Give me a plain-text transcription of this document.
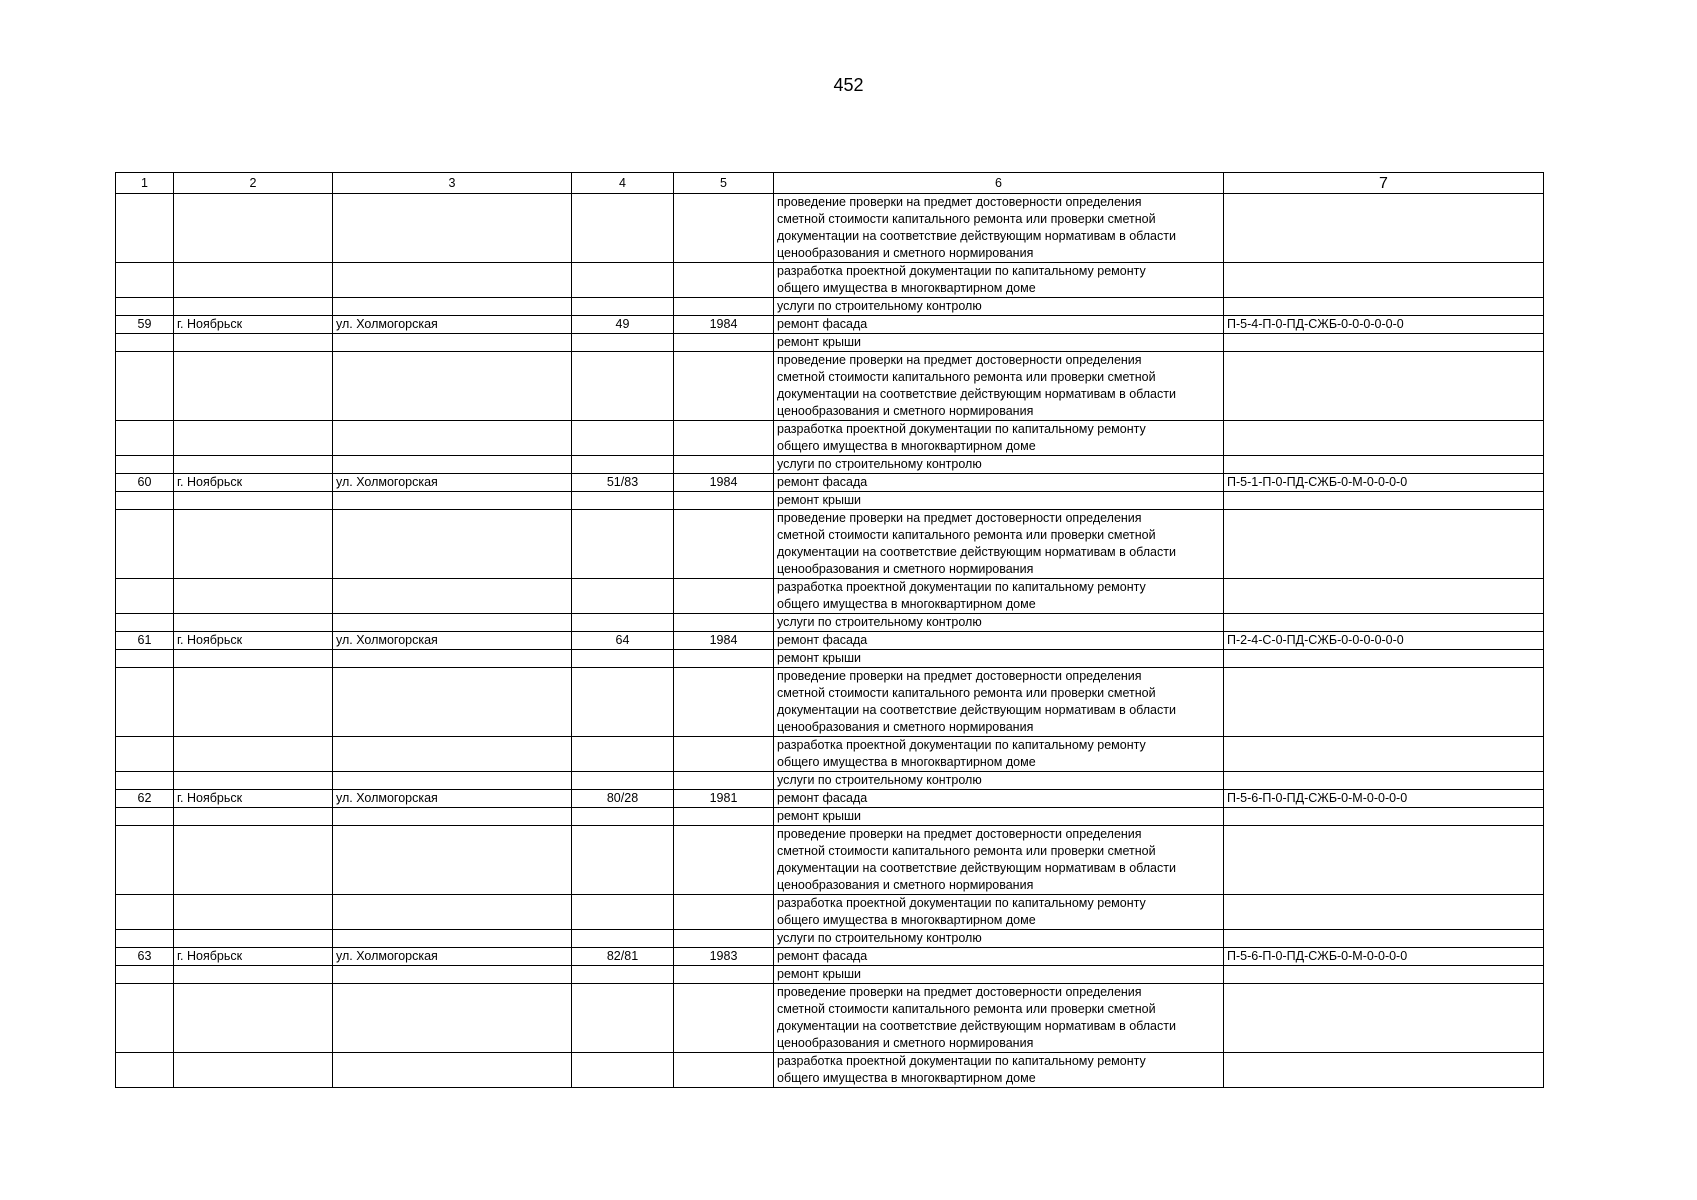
452
1	2	3	4	5	6	7
					проведение проверки на предмет достоверности определения
сметной стоимости капитального ремонта или проверки сметной
документации на соответствие действующим нормативам в области
ценообразования и сметного нормирования	
					разработка проектной документации по капитальному ремонту
общего имущества в многоквартирном доме	
					услуги по строительному контролю	
59	г. Ноябрьск	ул. Холмогорская	49	1984	ремонт фасада	П-5-4-П-0-ПД-СЖБ-0-0-0-0-0-0
					ремонт крыши	
					проведение проверки на предмет достоверности определения
сметной стоимости капитального ремонта или проверки сметной
документации на соответствие действующим нормативам в области
ценообразования и сметного нормирования	
					разработка проектной документации по капитальному ремонту
общего имущества в многоквартирном доме	
					услуги по строительному контролю	
60	г. Ноябрьск	ул. Холмогорская	51/83	1984	ремонт фасада	П-5-1-П-0-ПД-СЖБ-0-М-0-0-0-0
					ремонт крыши	
					проведение проверки на предмет достоверности определения
сметной стоимости капитального ремонта или проверки сметной
документации на соответствие действующим нормативам в области
ценообразования и сметного нормирования	
					разработка проектной документации по капитальному ремонту
общего имущества в многоквартирном доме	
					услуги по строительному контролю	
61	г. Ноябрьск	ул. Холмогорская	64	1984	ремонт фасада	П-2-4-С-0-ПД-СЖБ-0-0-0-0-0-0
					ремонт крыши	
					проведение проверки на предмет достоверности определения
сметной стоимости капитального ремонта или проверки сметной
документации на соответствие действующим нормативам в области
ценообразования и сметного нормирования	
					разработка проектной документации по капитальному ремонту
общего имущества в многоквартирном доме	
					услуги по строительному контролю	
62	г. Ноябрьск	ул. Холмогорская	80/28	1981	ремонт фасада	П-5-6-П-0-ПД-СЖБ-0-М-0-0-0-0
					ремонт крыши	
					проведение проверки на предмет достоверности определения
сметной стоимости капитального ремонта или проверки сметной
документации на соответствие действующим нормативам в области
ценообразования и сметного нормирования	
					разработка проектной документации по капитальному ремонту
общего имущества в многоквартирном доме	
					услуги по строительному контролю	
63	г. Ноябрьск	ул. Холмогорская	82/81	1983	ремонт фасада	П-5-6-П-0-ПД-СЖБ-0-М-0-0-0-0
					ремонт крыши	
					проведение проверки на предмет достоверности определения
сметной стоимости капитального ремонта или проверки сметной
документации на соответствие действующим нормативам в области
ценообразования и сметного нормирования	
					разработка проектной документации по капитальному ремонту
общего имущества в многоквартирном доме	
